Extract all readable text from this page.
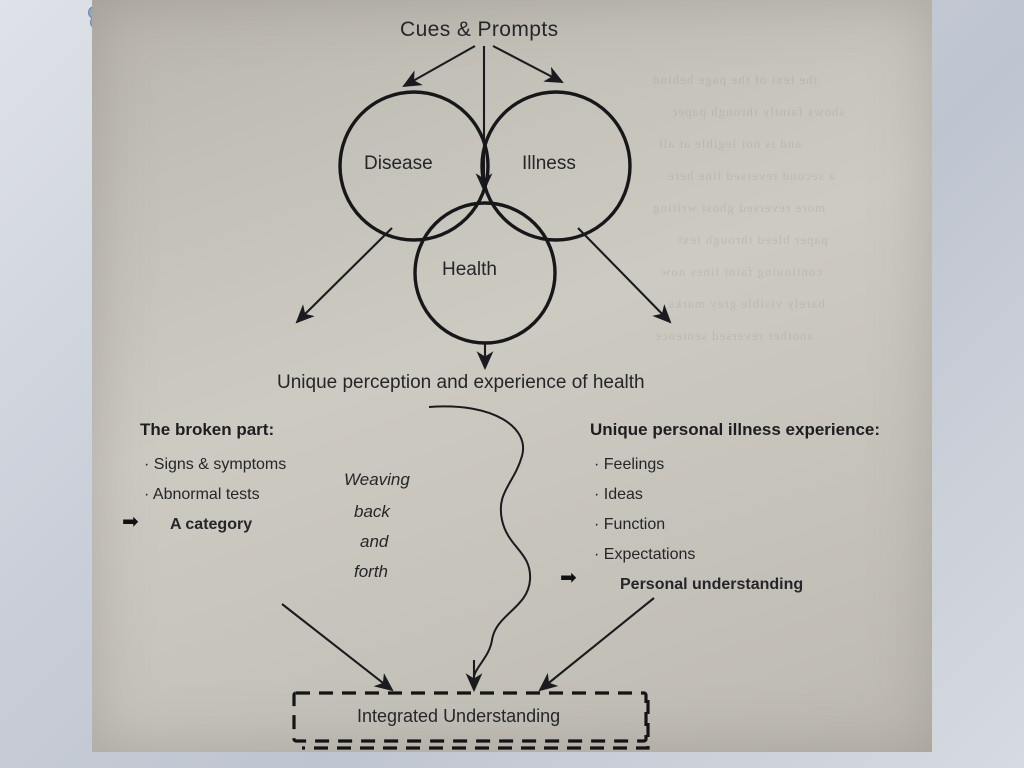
the text of the page behind
shows faintly through paper
and is not legible at all
a second reversed line here
more reversed ghost writing
paper bleed through text
continuing faint lines now
barely visible grey marks
another reversed sentence
Cues & Prompts
Disease	Illness
Health
Unique perception and experience of health
Integrated Understanding
The broken part:
· Signs & symptoms
· Abnormal tests
A category
➡
Weaving
back
and
forth
Unique personal illness experience:
· Feelings
· Ideas
· Function
· Expectations
Personal understanding
➡
